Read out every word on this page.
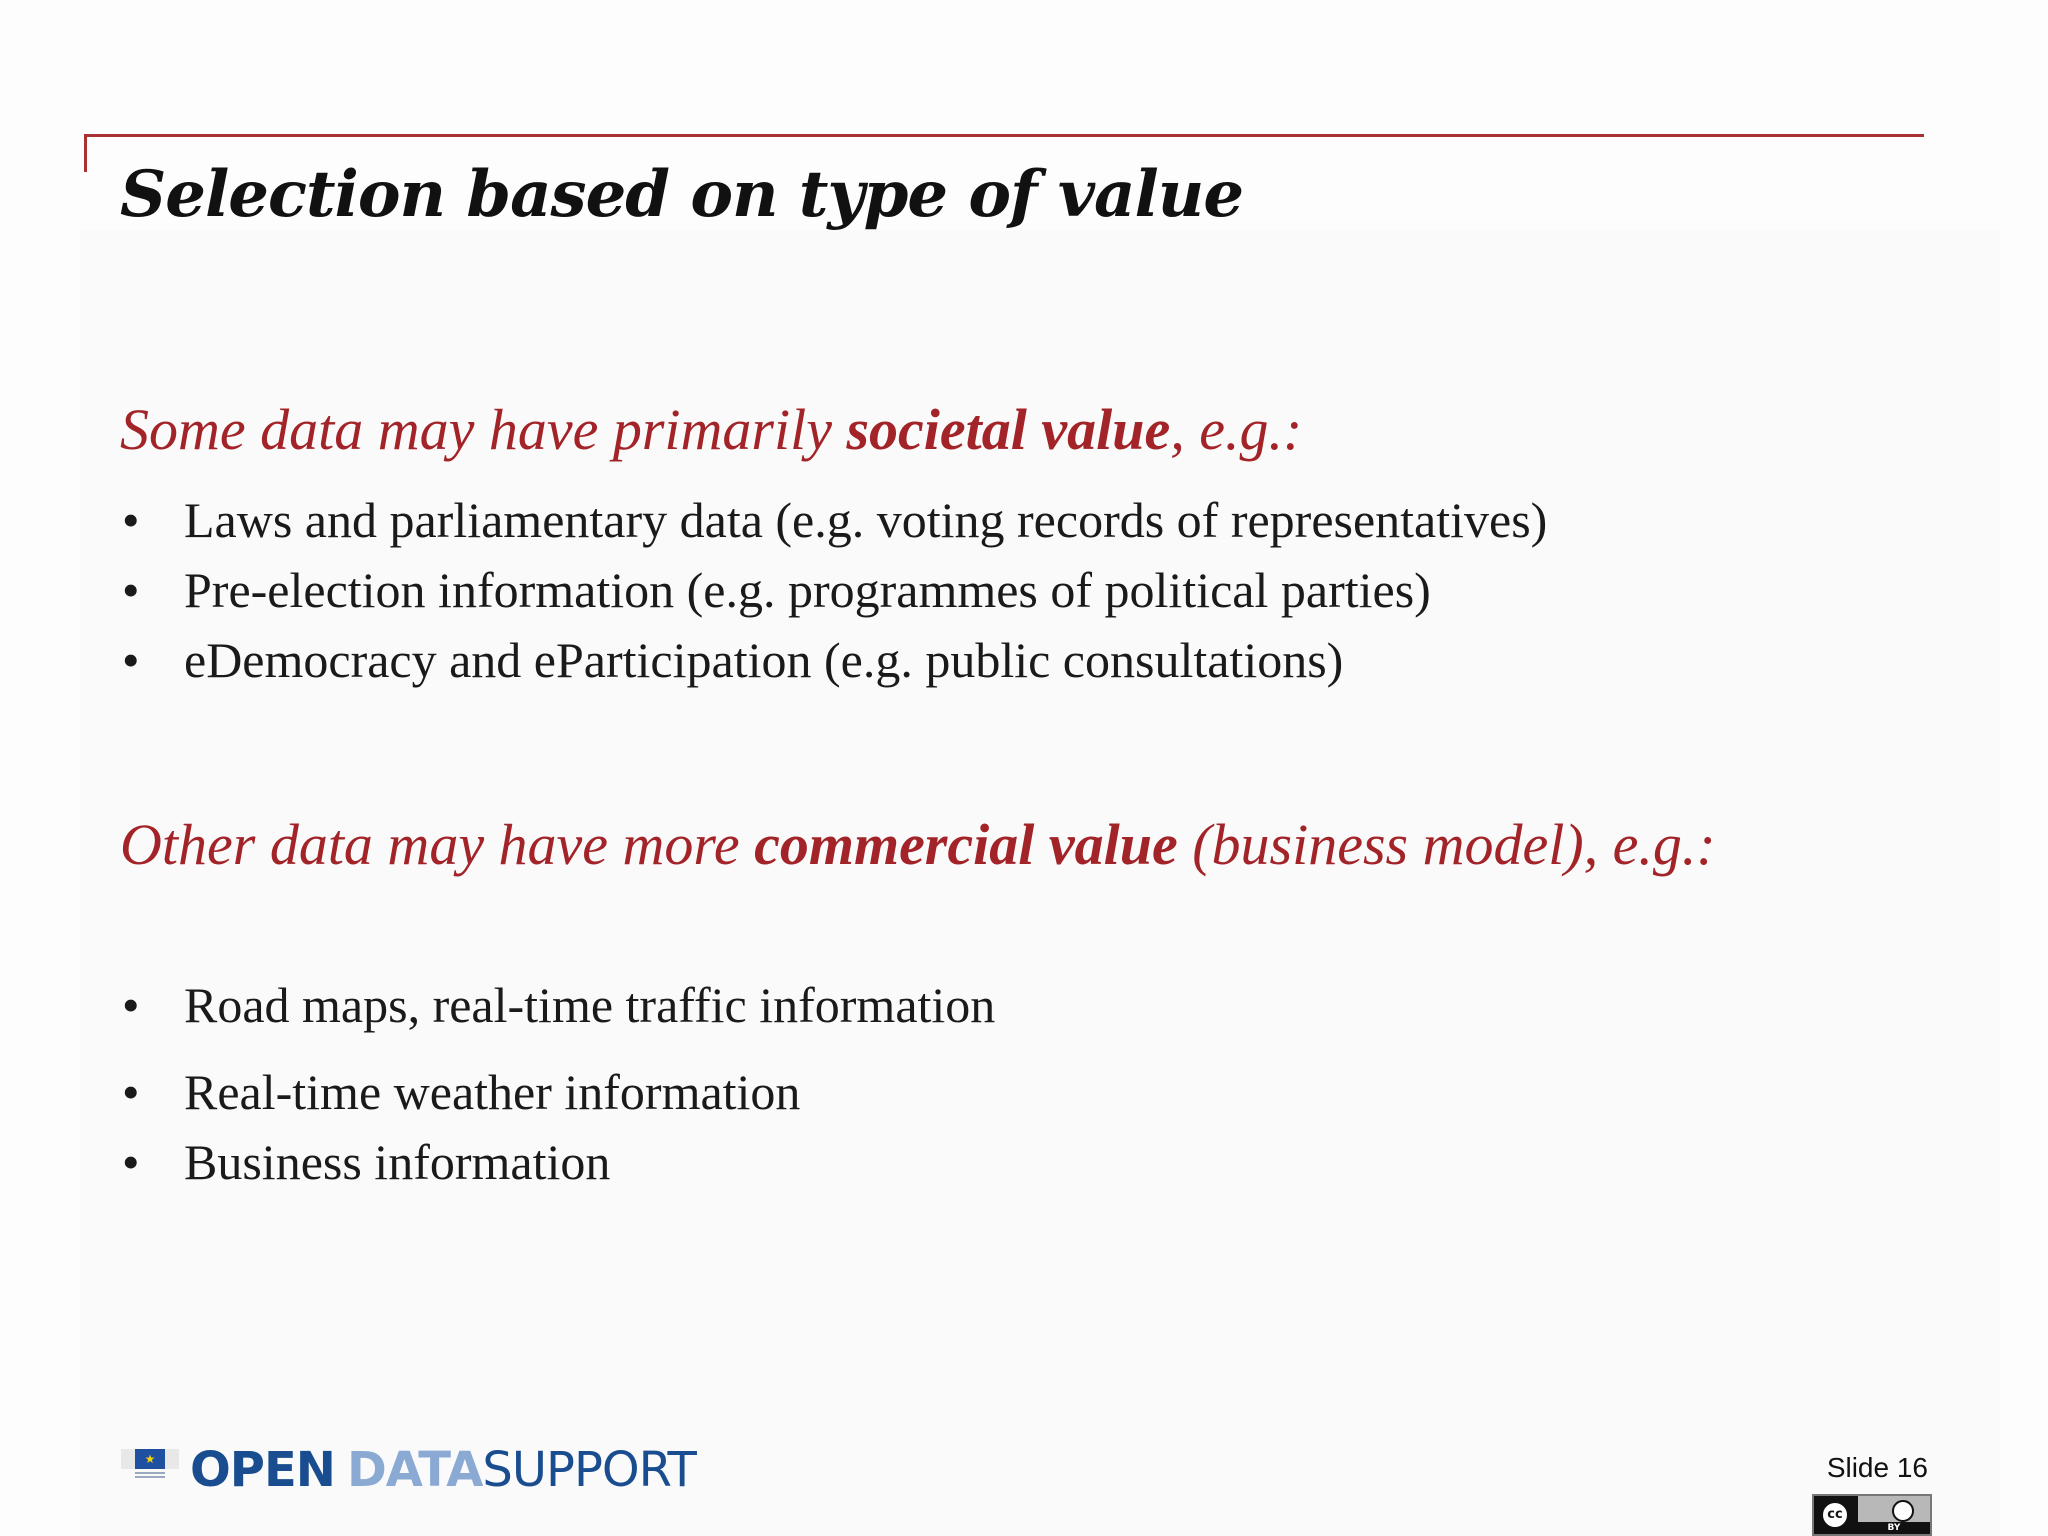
Selection based on type of value

Some data may have primarily societal value, e.g.:

• Laws and parliamentary data (e.g. voting records of representatives)
• Pre-election information (e.g. programmes of political parties)
• eDemocracy and eParticipation (e.g. public consultations)

Other data may have more commercial value (business model), e.g.:

• Road maps, real-time traffic information
• Real-time weather information
• Business information
★ OPEN DATASUPPORT	Slide 16

cc
BY
